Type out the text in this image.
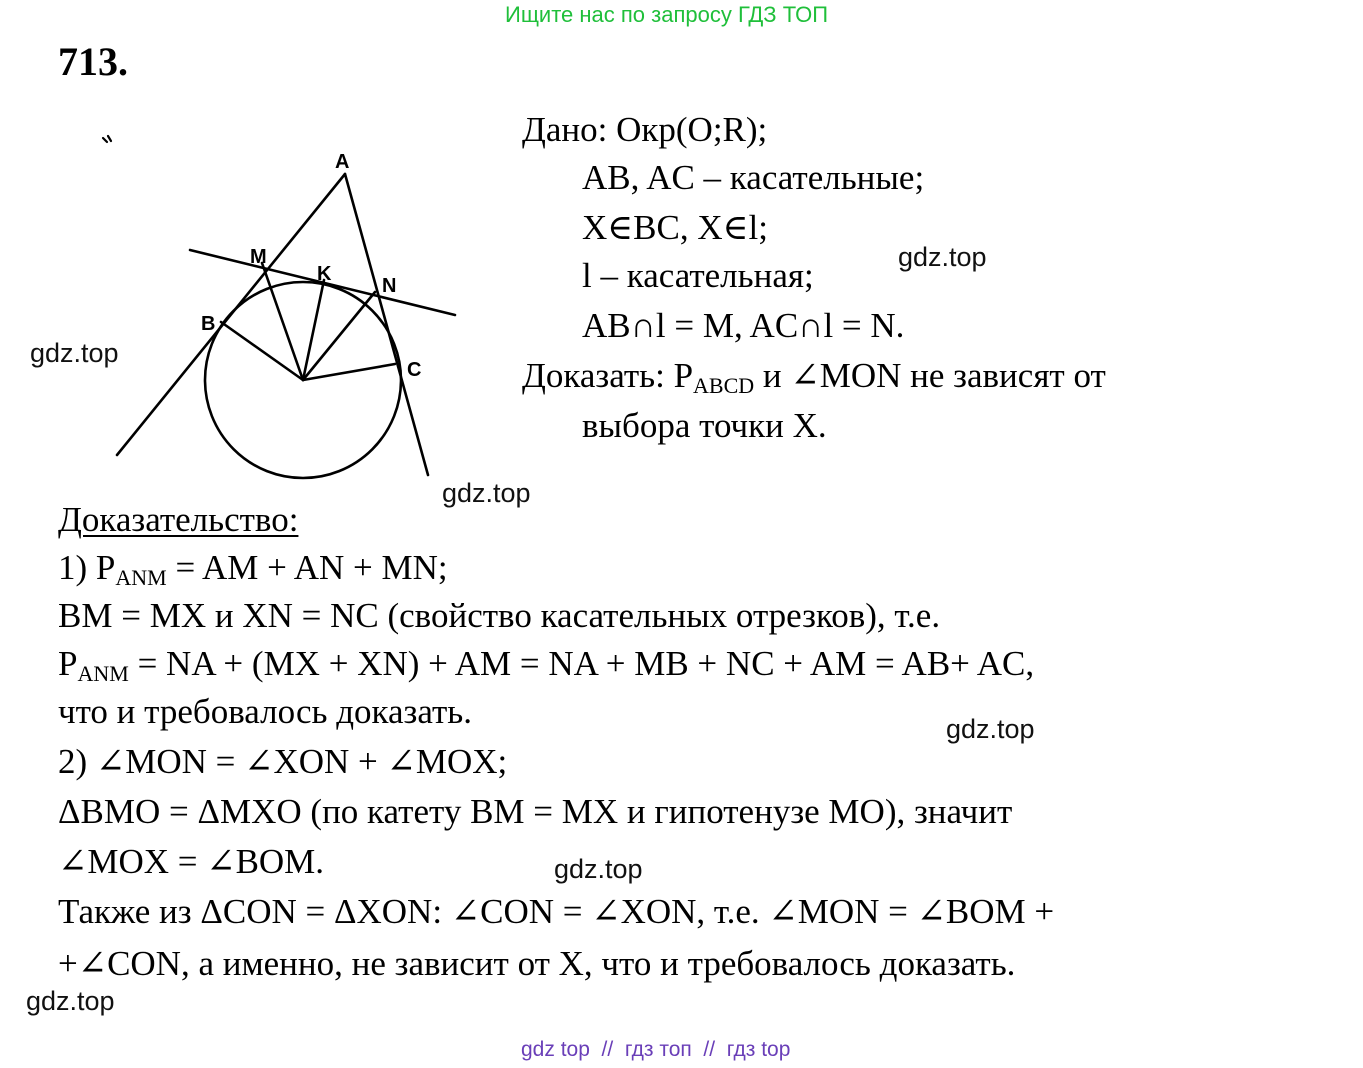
Ищите нас по запросу ГДЗ ТОП
713.
A
M
K
N
B
C
Дано: Окр(O;R);
AB, AC – касательные;
X∈BC, X∈l;
l – касательная;
AB∩l = M, AC∩l = N.
Доказать: $P_{ABCD}$ и ∠MON не зависят от
выбора точки X.
Доказательство:
1) $P_{ANM}$ = AM + AN + MN;
BM = MX и XN = NC (свойство касательных отрезков), т.е.
$P_{ANM}$ = NA + (MX + XN) + AM = NA + MB + NC + AM = AB+ AC,
что и требовалось доказать.
2) ∠MON = ∠XON + ∠MOX;
ΔBMO = ΔMXO (по катету BM = MX и гипотенузе MO), значит
∠MOX = ∠BOM.
Также из ΔCON = ΔXON: ∠CON = ∠XON, т.е. ∠MON = ∠BOM +
+∠CON, а именно, не зависит от X, что и требовалось доказать.
gdz.top
gdz.top
gdz.top
gdz.top
gdz.top
gdz.top
gdz top  //  гдз топ  //  гдз top
